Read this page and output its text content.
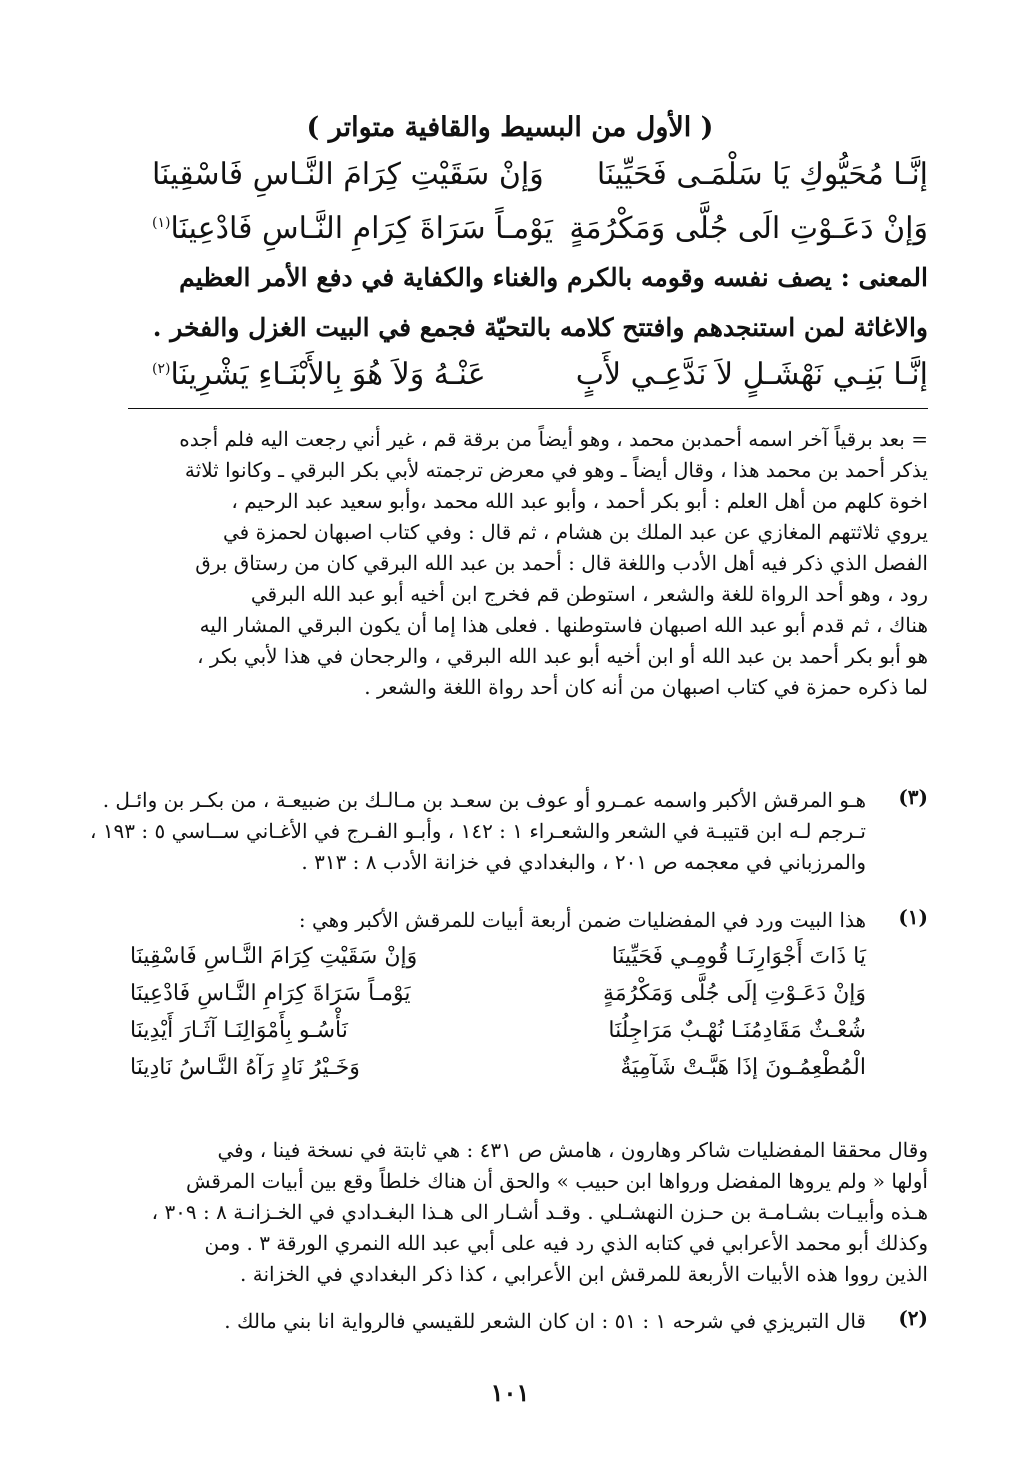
( الأول من البسيط والقافية متواتر )
إنَّـا مُحَيُّوكِ يَا سَلْمَـى فَحَيِّينَا
وَإنْ سَقَيْتِ كِرَامَ النَّـاسِ فَاسْقِينَا
وَإنْ دَعَـوْتِ الَى جُلَّى وَمَكْرُمَةٍ
يَوْمـاً سَرَاةَ كِرَامِ النَّـاسِ فَادْعِينَا$^{(١)}$
المعنى : يصف نفسه وقومه بالكرم والغناء والكفاية في دفع الأمر العظيم
والاغاثة لمن استنجدهم وافتتح كلامه بالتحيّة فجمع في البيت الغزل والفخر .
إنَّـا بَنِـي نَهْشَـلٍ لاَ نَدَّعِـي لأَبٍ
عَنْـهُ وَلاَ هُوَ بِالأَبْنَـاءِ يَشْرِينَا$^{(٢)}$
= بعد برقياً آخر اسمه أحمدبن محمد ، وهو أيضاً من برقة قم ، غير أني رجعت اليه فلم أجده
يذكر أحمد بن محمد هذا ، وقال أيضاً ـ وهو في معرض ترجمته لأبي بكر البرقي ـ وكانوا ثلاثة
اخوة كلهم من أهل العلم : أبو بكر أحمد ، وأبو عبد الله محمد ،وأبو سعيد عبد الرحيم ،
يروي ثلاثتهم المغازي عن عبد الملك بن هشام ، ثم قال : وفي كتاب اصبهان لحمزة في
الفصل الذي ذكر فيه أهل الأدب واللغة قال : أحمد بن عبد الله البرقي كان من رستاق برق
رود ، وهو أحد الرواة للغة والشعر ، استوطن قم فخرج ابن أخيه أبو عبد الله البرقي
هناك ، ثم قدم أبو عبد الله اصبهان فاستوطنها . فعلى هذا إما أن يكون البرقي المشار اليه
هو أبو بكر أحمد بن عبد الله أو ابن أخيه أبو عبد الله البرقي ، والرجحان في هذا لأبي بكر ،
لما ذكره حمزة في كتاب اصبهان من أنه كان أحد رواة اللغة والشعر .
(٣)
هـو المرقش الأكبر واسمه عمـرو أو عوف بن سعـد بن مـالـك بن ضبيعـة ، من بكـر بن وائـل .
تـرجم لـه ابن قتيبـة في الشعر والشعـراء ١ : ١٤٢ ، وأبـو الفـرج في الأغـاني ســاسي ٥ : ١٩٣ ،
والمرزباني في معجمه ص ٢٠١ ، والبغدادي في خزانة الأدب ٨ : ٣١٣ .
(١)
هذا البيت ورد في المفضليات ضمن أربعة أبيات للمرقش الأكبر وهي :
يَا ذَاتَ أَجْوَارِنَـا قُومِـي فَحَيِّينَا
وَإنْ سَقَيْتِ كِرَامَ النَّـاسِ فَاسْقِينَا
وَإنْ دَعَـوْتِ إلَى جُلَّى وَمَكْرُمَةٍ
يَوْمـاً سَرَاةَ كِرَامِ النَّـاسِ فَادْعِينَا
شُعْـثٌ مَقَادِمُنَـا نُهْـبٌ مَرَاجِلُنَا
نَأْسُـو بِأَمْوَالِنَـا آثَـارَ أَيْدِينَا
الْمُطْعِمُـونَ إذَا هَبَّـتْ شَآمِيَةٌ
وَخَـيْرُ نَادٍ رَآهُ النَّـاسُ نَادِينَا
وقال محققا المفضليات شاكر وهارون ، هامش ص ٤٣١ : هي ثابتة في نسخة فينا ، وفي
أولها « ولم يروها المفضل ورواها ابن حبيب » والحق أن هناك خلطاً وقع بين أبيات المرقش
هـذه وأبيـات بشـامـة بن حـزن النهشـلي . وقـد أشـار الى هـذا البغـدادي في الخـزانـة ٨ : ٣٠٩ ،
وكذلك أبو محمد الأعرابي في كتابه الذي رد فيه على أبي عبد الله النمري الورقة ٣ . ومن
الذين رووا هذه الأبيات الأربعة للمرقش ابن الأعرابي ، كذا ذكر البغدادي في الخزانة .
(٢)
قال التبريزي في شرحه ١ : ٥١ : ان كان الشعر للقيسي فالرواية انا بني مالك .
١٠١
